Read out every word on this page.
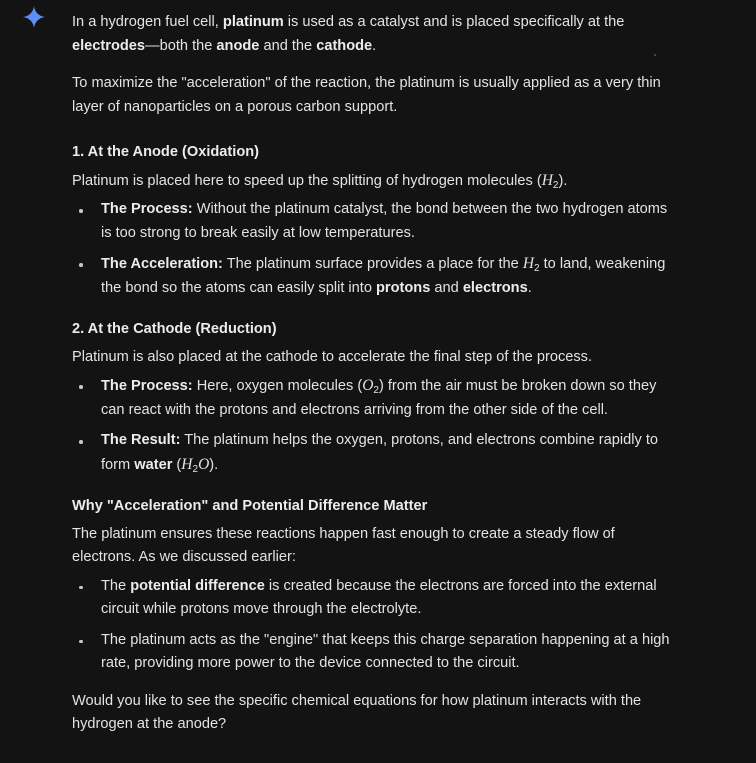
In a hydrogen fuel cell, platinum is used as a catalyst and is placed specifically at the electrodes—both the anode and the cathode.

To maximize the "acceleration" of the reaction, the platinum is usually applied as a very thin layer of nanoparticles on a porous carbon support.

1. At the Anode (Oxidation)

Platinum is placed here to speed up the splitting of hydrogen molecules $(H_2)$.

The Process: Without the platinum catalyst, the bond between the two hydrogen atoms is too strong to break easily at low temperatures.
The Acceleration: The platinum surface provides a place for the $H_2$ to land, weakening the bond so the atoms can easily split into protons and electrons.
2. At the Cathode (Reduction)

Platinum is also placed at the cathode to accelerate the final step of the process.

The Process: Here, oxygen molecules $(O_2)$ from the air must be broken down so they can react with the protons and electrons arriving from the other side of the cell.
The Result: The platinum helps the oxygen, protons, and electrons combine rapidly to form water $(H_2O)$.
Why "Acceleration" and Potential Difference Matter

The platinum ensures these reactions happen fast enough to create a steady flow of electrons. As we discussed earlier:

The potential difference is created because the electrons are forced into the external circuit while protons move through the electrolyte.
The platinum acts as the "engine" that keeps this charge separation happening at a high rate, providing more power to the device connected to the circuit.

Would you like to see the specific chemical equations for how platinum interacts with the hydrogen at the anode?
